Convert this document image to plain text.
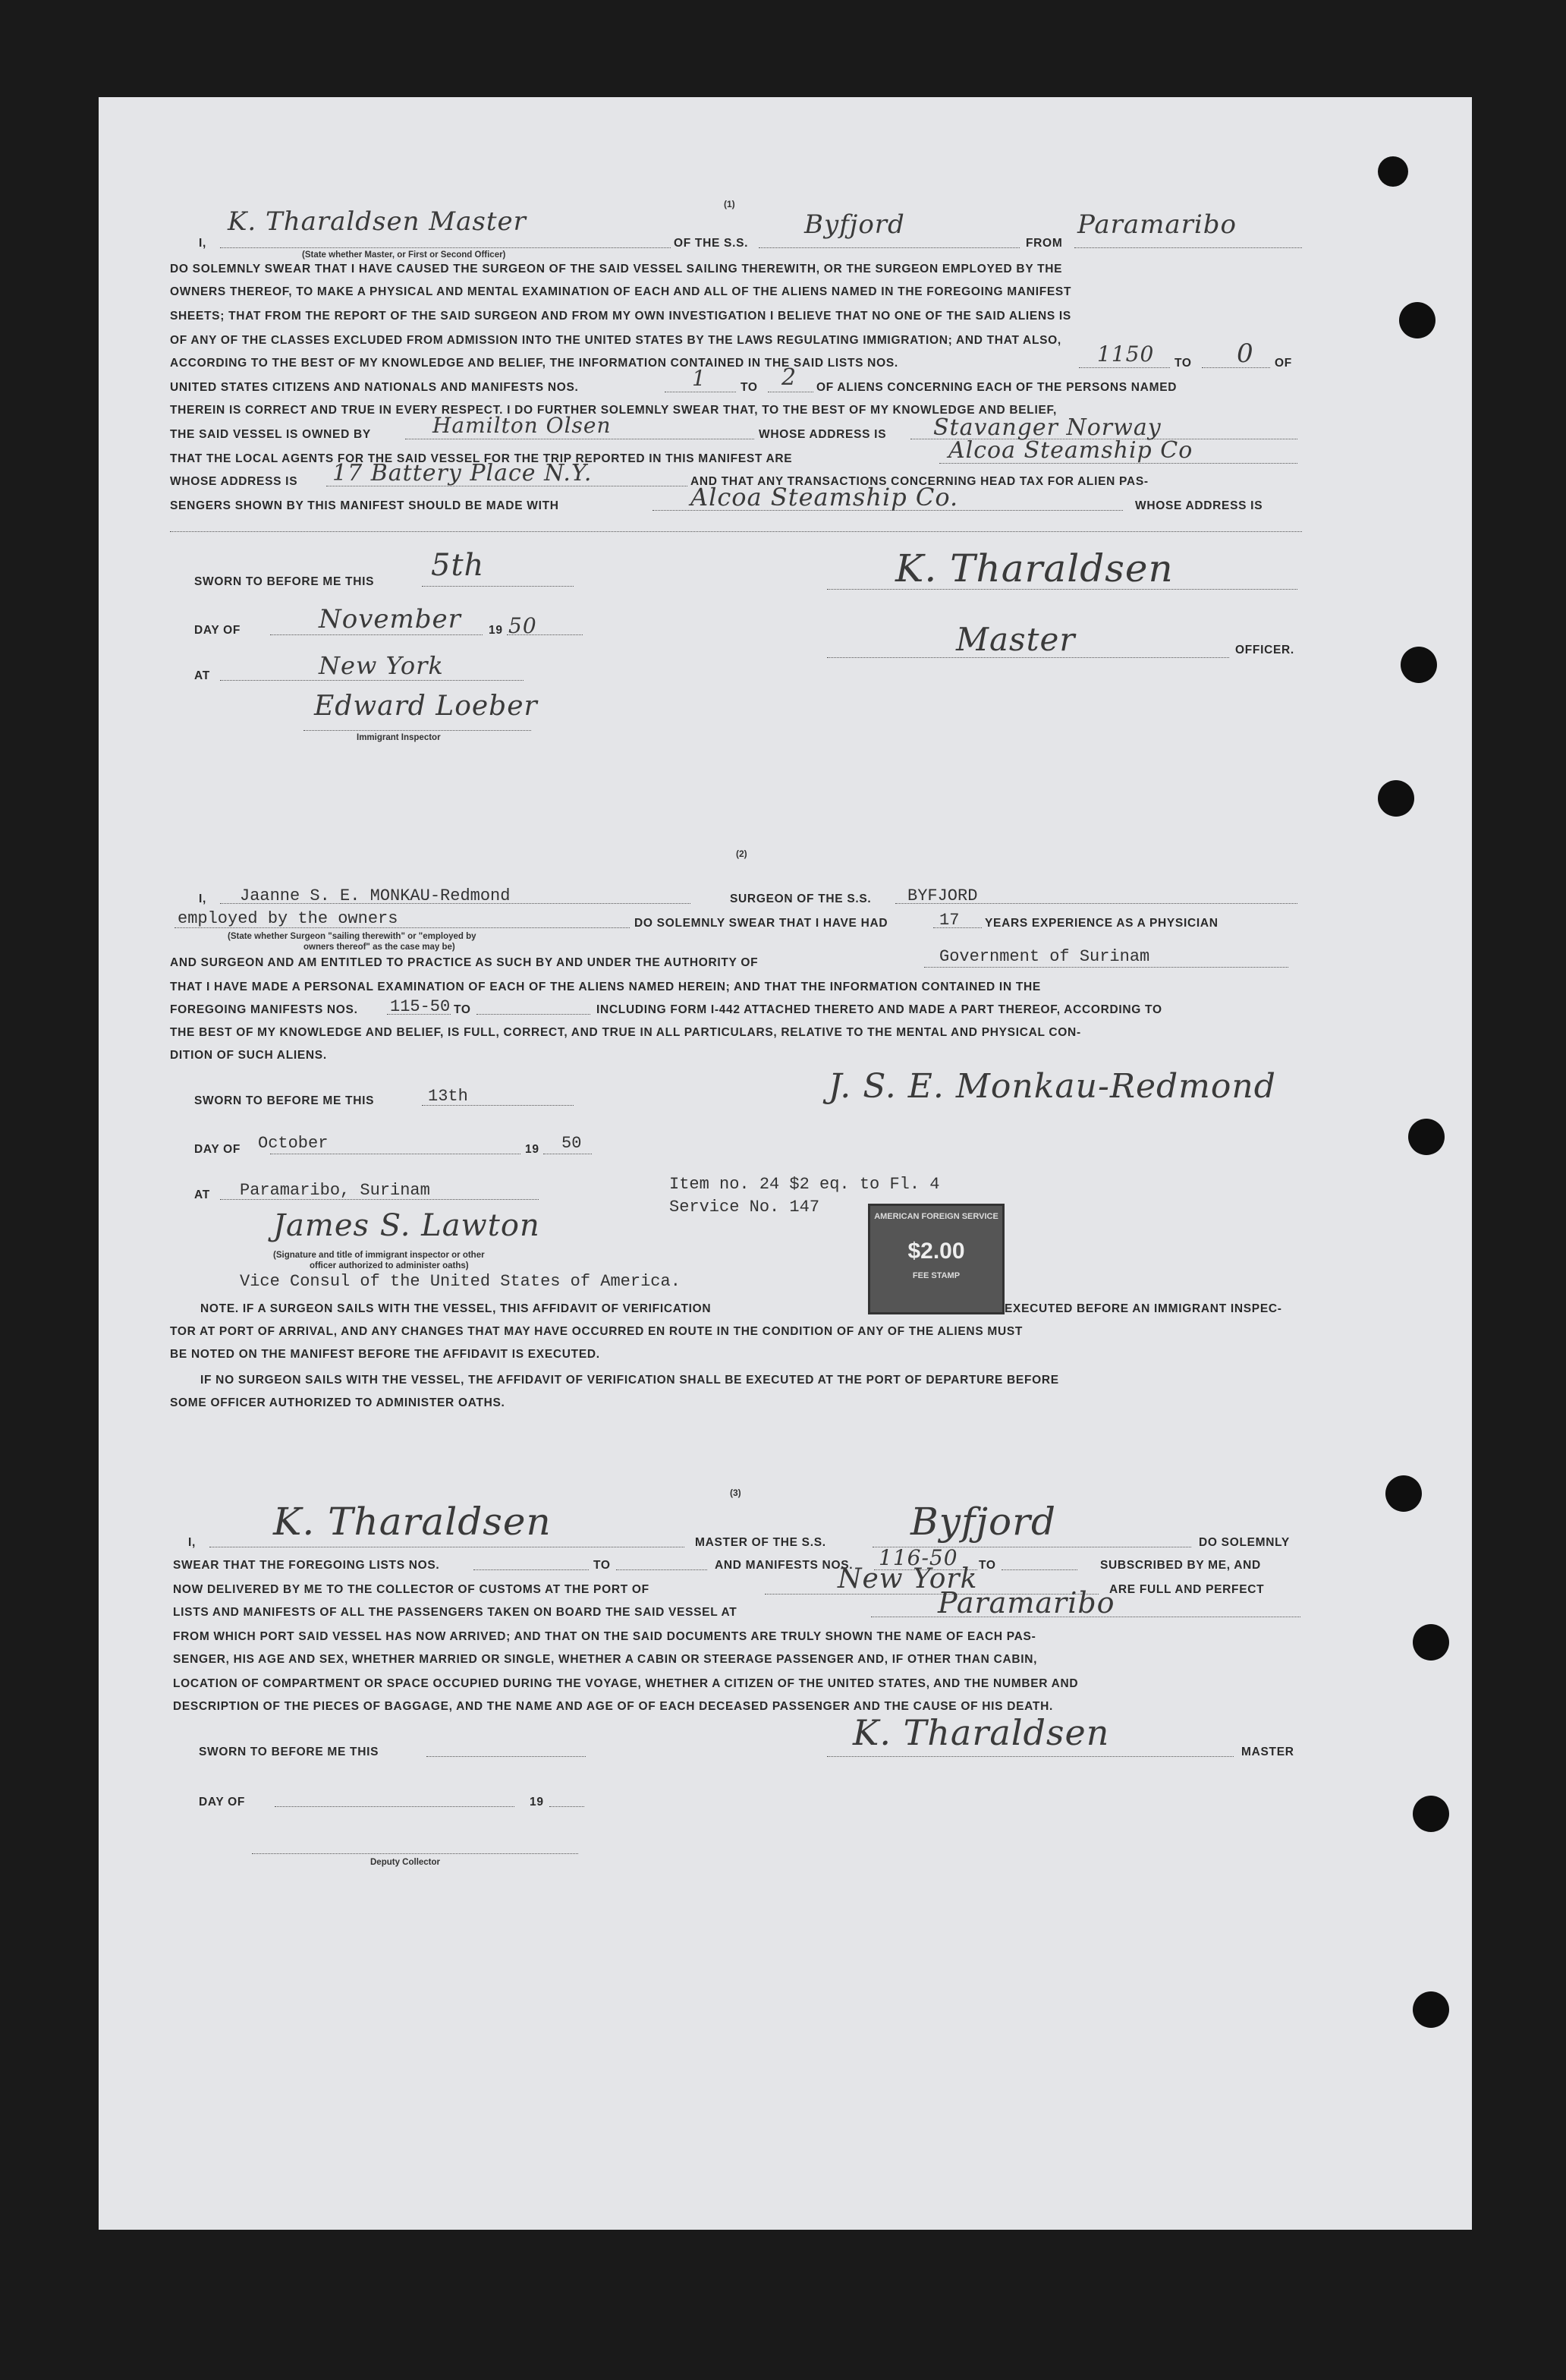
(1)
I,
K. Tharaldsen Master
OF THE S.S.
Byfjord
FROM
Paramaribo
(State whether Master, or First or Second Officer)
DO SOLEMNLY SWEAR THAT I HAVE CAUSED THE SURGEON OF THE SAID VESSEL SAILING THEREWITH, OR THE SURGEON EMPLOYED BY THE
OWNERS THEREOF, TO MAKE A PHYSICAL AND MENTAL EXAMINATION OF EACH AND ALL OF THE ALIENS NAMED IN THE FOREGOING MANIFEST
SHEETS; THAT FROM THE REPORT OF THE SAID SURGEON AND FROM MY OWN INVESTIGATION I BELIEVE THAT NO ONE OF THE SAID ALIENS IS
OF ANY OF THE CLASSES EXCLUDED FROM ADMISSION INTO THE UNITED STATES BY THE LAWS REGULATING IMMIGRATION; AND THAT ALSO,
ACCORDING TO THE BEST OF MY KNOWLEDGE AND BELIEF, THE INFORMATION CONTAINED IN THE SAID LISTS NOS.	1150 TO 0 OF
UNITED STATES CITIZENS AND NATIONALS AND MANIFESTS NOS.	1	TO 2 OF ALIENS CONCERNING EACH OF THE PERSONS NAMED
THEREIN IS CORRECT AND TRUE IN EVERY RESPECT. I DO FURTHER SOLEMNLY SWEAR THAT, TO THE BEST OF MY KNOWLEDGE AND BELIEF,
THE SAID VESSEL IS OWNED BY	Hamilton Olsen	WHOSE ADDRESS IS Stavanger Norway
THAT THE LOCAL AGENTS FOR THE SAID VESSEL FOR THE TRIP REPORTED IN THIS MANIFEST ARE	Alcoa Steamship Co
WHOSE ADDRESS IS 17 Battery Place N.Y.	AND THAT ANY TRANSACTIONS CONCERNING HEAD TAX FOR ALIEN PAS-
SENGERS SHOWN BY THIS MANIFEST SHOULD BE MADE WITH	Alcoa Steamship Co.	WHOSE ADDRESS IS
SWORN TO BEFORE ME THIS 5th
DAY OF	November 19 50
AT	New York
Edward Loeber
Immigrant Inspector
K. Tharaldsen
Master	OFFICER.
(2)
I, Jaanne S. E. MONKAU-Redmond	SURGEON OF THE S.S. BYFJORD
employed by the owners	DO SOLEMNLY SWEAR THAT I HAVE HAD	17 YEARS EXPERIENCE AS A PHYSICIAN
(State whether Surgeon "sailing therewith" or "employed by
owners thereof" as the case may be)
AND SURGEON AND AM ENTITLED TO PRACTICE AS SUCH BY AND UNDER THE AUTHORITY OF	Government of Surinam
THAT I HAVE MADE A PERSONAL EXAMINATION OF EACH OF THE ALIENS NAMED HEREIN; AND THAT THE INFORMATION CONTAINED IN THE
FOREGOING MANIFESTS NOS. 115-50 TO	INCLUDING FORM I-442 ATTACHED THERETO AND MADE A PART THEREOF, ACCORDING TO
THE BEST OF MY KNOWLEDGE AND BELIEF, IS FULL, CORRECT, AND TRUE IN ALL PARTICULARS, RELATIVE TO THE MENTAL AND PHYSICAL CON-
DITION OF SUCH ALIENS.
SWORN TO BEFORE ME THIS	13th
DAY OF October	19 50
AT Paramaribo, Surinam	Item no. 24 $2 eq. to Fl. 4
Service No. 147
James S. Lawton
(Signature and title of immigrant inspector or other
officer authorized to administer oaths)
Vice Consul of the United States of America.
J. S. E. Monkau-Redmond
AMERICAN FOREIGN SERVICE
$2.00
FEE STAMP
NOTE. IF A SURGEON SAILS WITH THE VESSEL, THIS AFFIDAVIT OF VERIFICATION	EXECUTED BEFORE AN IMMIGRANT INSPEC-
TOR AT PORT OF ARRIVAL, AND ANY CHANGES THAT MAY HAVE OCCURRED EN ROUTE IN THE CONDITION OF ANY OF THE ALIENS MUST
BE NOTED ON THE MANIFEST BEFORE THE AFFIDAVIT IS EXECUTED.
IF NO SURGEON SAILS WITH THE VESSEL, THE AFFIDAVIT OF VERIFICATION SHALL BE EXECUTED AT THE PORT OF DEPARTURE BEFORE
SOME OFFICER AUTHORIZED TO ADMINISTER OATHS.
(3)
I, K. Tharaldsen	MASTER OF THE S.S. Byfjord	DO SOLEMNLY
SWEAR THAT THE FOREGOING LISTS NOS.	TO	AND MANIFESTS NOS. 116-50 TO	SUBSCRIBED BY ME, AND
NOW DELIVERED BY ME TO THE COLLECTOR OF CUSTOMS AT THE PORT OF	New York	ARE FULL AND PERFECT
LISTS AND MANIFESTS OF ALL THE PASSENGERS TAKEN ON BOARD THE SAID VESSEL AT	Paramaribo
FROM WHICH PORT SAID VESSEL HAS NOW ARRIVED; AND THAT ON THE SAID DOCUMENTS ARE TRULY SHOWN THE NAME OF EACH PAS-
SENGER, HIS AGE AND SEX, WHETHER MARRIED OR SINGLE, WHETHER A CABIN OR STEERAGE PASSENGER AND, IF OTHER THAN CABIN,
LOCATION OF COMPARTMENT OR SPACE OCCUPIED DURING THE VOYAGE, WHETHER A CITIZEN OF THE UNITED STATES, AND THE NUMBER AND
DESCRIPTION OF THE PIECES OF BAGGAGE, AND THE NAME AND AGE OF OF EACH DECEASED PASSENGER AND THE CAUSE OF HIS DEATH.
SWORN TO BEFORE ME THIS	K. Tharaldsen	MASTER
DAY OF	19
Deputy Collector
